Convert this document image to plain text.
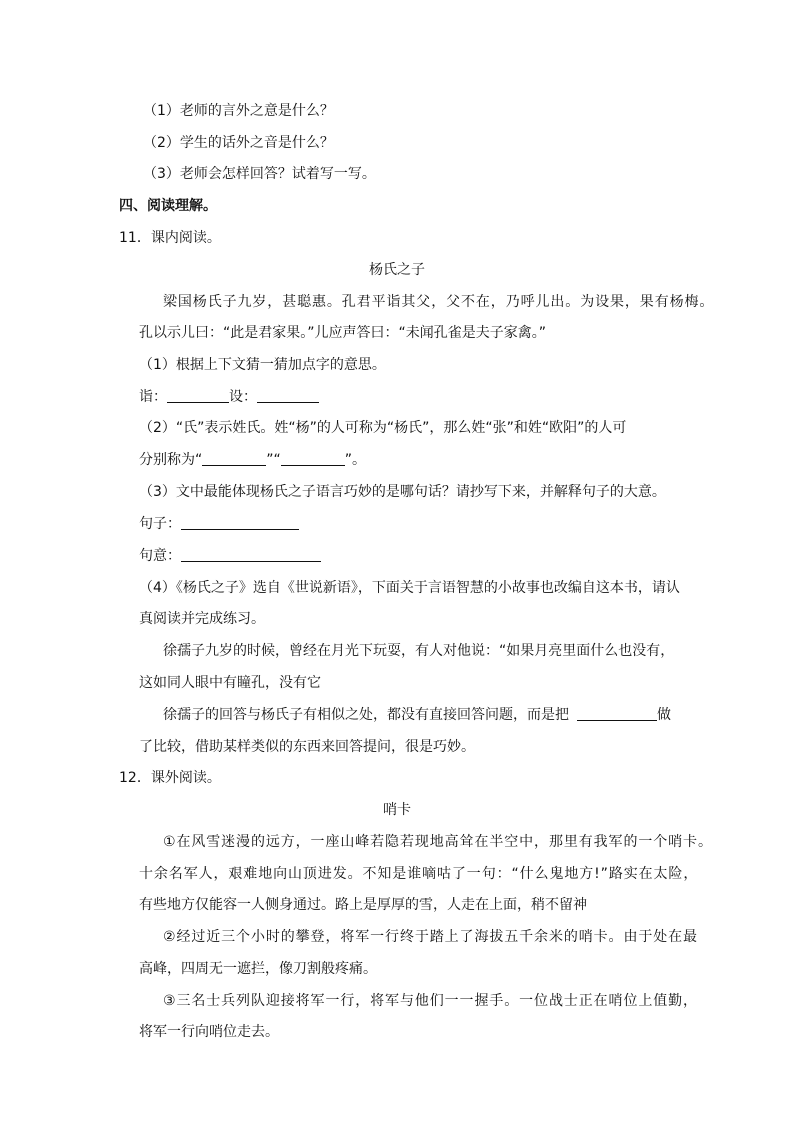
（1）老师的言外之意是什么？
（2）学生的话外之音是什么？
（3）老师会怎样回答？试着写一写。
四、阅读理解。
11．课内阅读。
杨氏之子
梁国杨氏子九岁，甚聪惠。孔君平诣其父，父不在，乃呼儿出。为设果，果有杨梅。
孔以示儿曰：“此是君家果。”儿应声答曰：“未闻孔雀是夫子家禽。”
（1）根据上下文猜一猜加点字的意思。
诣：	设：
（2）“氏”表示姓氏。姓“杨”的人可称为“杨氏”，那么姓“张”和姓“欧阳”的人可
分别称为“	”“	”。
（3）文中最能体现杨氏之子语言巧妙的是哪句话？请抄写下来，并解释句子的大意。
句子：
句意：
（4）《杨氏之子》选自《世说新语》，下面关于言语智慧的小故事也改编自这本书，请认
真阅读并完成练习。
徐孺子九岁的时候，曾经在月光下玩耍，有人对他说：“如果月亮里面什么也没有，
这如同人眼中有瞳孔，没有它
徐孺子的回答与杨氏子有相似之处，都没有直接回答问题，而是把	做
了比较，借助某样类似的东西来回答提问，很是巧妙。
12．课外阅读。
哨卡
①在风雪迷漫的远方，一座山峰若隐若现地高耸在半空中，那里有我军的一个哨卡。
十余名军人，艰难地向山顶进发。不知是谁嘀咕了一句：“什么鬼地方!”路实在太险，
有些地方仅能容一人侧身通过。路上是厚厚的雪，人走在上面，稍不留神
②经过近三个小时的攀登，将军一行终于踏上了海拔五千余米的哨卡。由于处在最
高峰，四周无一遮拦，像刀割般疼痛。
③三名士兵列队迎接将军一行，将军与他们一一握手。一位战士正在哨位上值勤，
将军一行向哨位走去。
